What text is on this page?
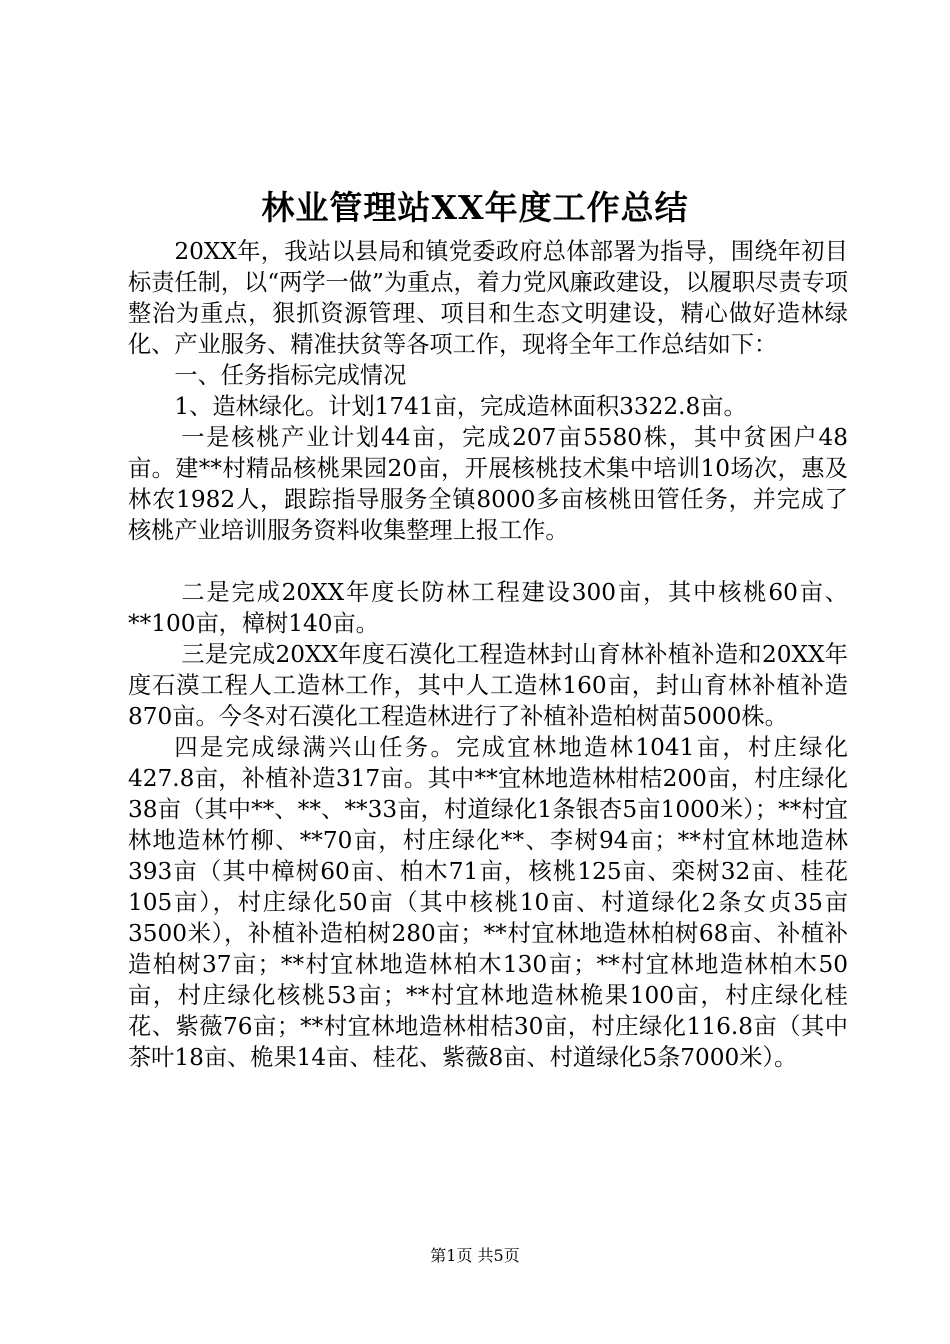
林业管理站XX年度工作总结

20XX年，我站以县局和镇党委政府总体部署为指导，围绕年初目标责任制，以“两学一做”为重点，着力党风廉政建设，以履职尽责专项整治为重点，狠抓资源管理、项目和生态文明建设，精心做好造林绿化、产业服务、精准扶贫等各项工作，现将全年工作总结如下：

一、任务指标完成情况

1、造林绿化。计划1741亩，完成造林面积3322.8亩。

一是核桃产业计划44亩，完成207亩5580株，其中贫困户48亩。建**村精品核桃果园20亩，开展核桃技术集中培训10场次，惠及林农1982人，跟踪指导服务全镇8000多亩核桃田管任务，并完成了核桃产业培训服务资料收集整理上报工作。

二是完成20XX年度长防林工程建设300亩，其中核桃60亩、**100亩，樟树140亩。

三是完成20XX年度石漠化工程造林封山育林补植补造和20XX年度石漠工程人工造林工作，其中人工造林160亩，封山育林补植补造870亩。今冬对石漠化工程造林进行了补植补造柏树苗5000株。

四是完成绿满兴山任务。完成宜林地造林1041亩，村庄绿化427.8亩，补植补造317亩。其中**宜林地造林柑桔200亩，村庄绿化38亩（其中**、**、**33亩，村道绿化1条银杏5亩1000米）；**村宜林地造林竹柳、**70亩，村庄绿化**、李树94亩；**村宜林地造林393亩（其中樟树60亩、柏木71亩，核桃125亩、栾树32亩、桂花105亩），村庄绿化50亩（其中核桃10亩、村道绿化2条女贞35亩3500米），补植补造柏树280亩；**村宜林地造林柏树68亩、补植补造柏树37亩；**村宜林地造林柏木130亩；**村宜林地造林柏木50亩，村庄绿化核桃53亩；**村宜林地造林桅果100亩，村庄绿化桂花、紫薇76亩；**村宜林地造林柑桔30亩，村庄绿化116.8亩（其中茶叶18亩、桅果14亩、桂花、紫薇8亩、村道绿化5条7000米）。

第1页 共5页
